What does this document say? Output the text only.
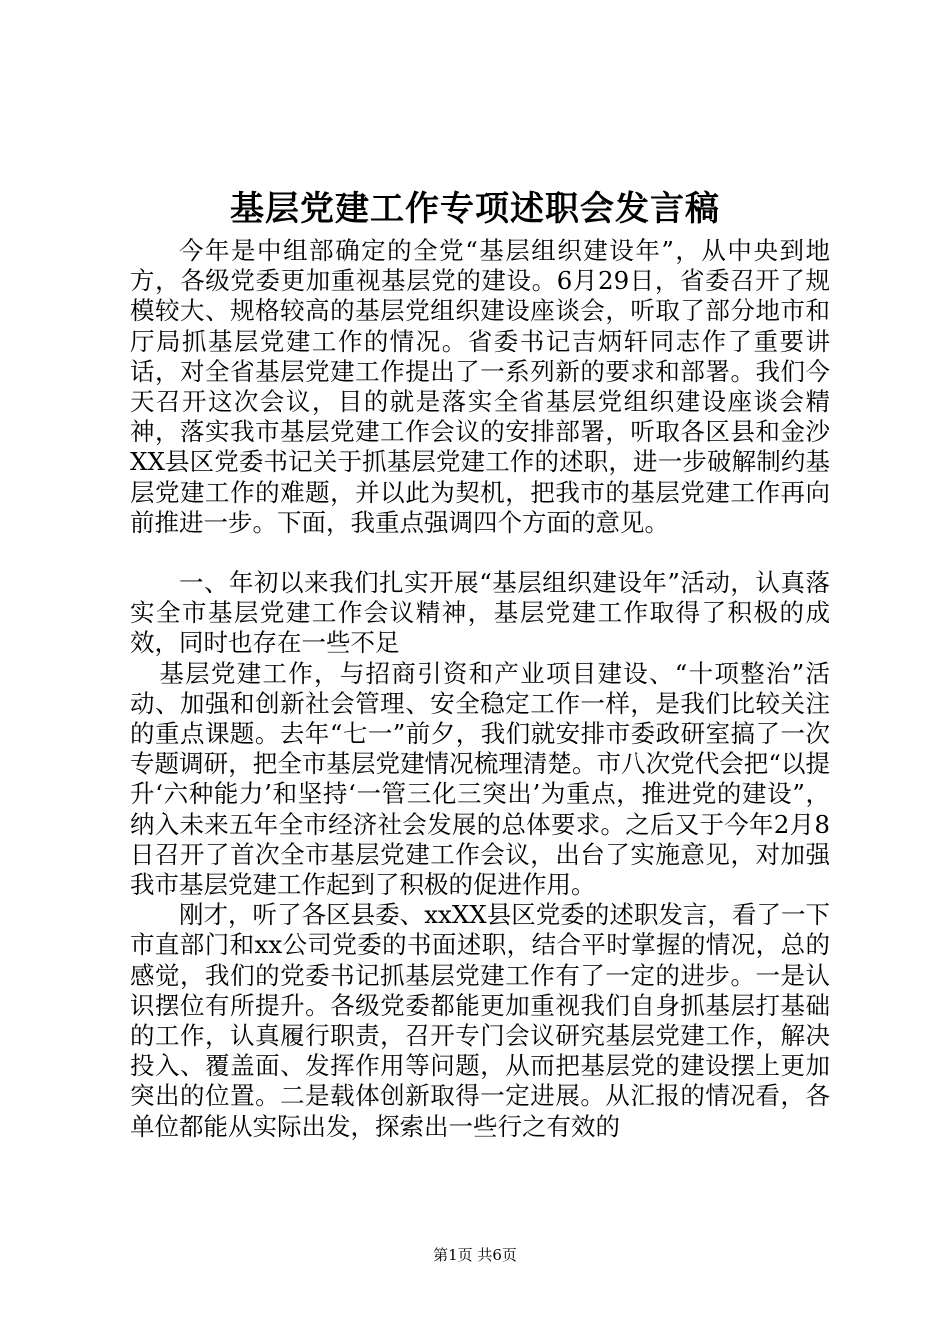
基层党建工作专项述职会发言稿

今年是中组部确定的全党“基层组织建设年”，从中央到地方，各级党委更加重视基层党的建设。6月29日，省委召开了规模较大、规格较高的基层党组织建设座谈会，听取了部分地市和厅局抓基层党建工作的情况。省委书记吉炳轩同志作了重要讲话，对全省基层党建工作提出了一系列新的要求和部署。我们今天召开这次会议，目的就是落实全省基层党组织建设座谈会精神，落实我市基层党建工作会议的安排部署，听取各区县和金沙XX县区党委书记关于抓基层党建工作的述职，进一步破解制约基层党建工作的难题，并以此为契机，把我市的基层党建工作再向前推进一步。下面，我重点强调四个方面的意见。

一、年初以来我们扎实开展“基层组织建设年”活动，认真落实全市基层党建工作会议精神，基层党建工作取得了积极的成效，同时也存在一些不足

基层党建工作，与招商引资和产业项目建设、“十项整治”活动、加强和创新社会管理、安全稳定工作一样，是我们比较关注的重点课题。去年“七一”前夕，我们就安排市委政研室搞了一次专题调研，把全市基层党建情况梳理清楚。市八次党代会把“以提升‘六种能力’和坚持‘一管三化三突出’为重点，推进党的建设”，纳入未来五年全市经济社会发展的总体要求。之后又于今年2月8日召开了首次全市基层党建工作会议，出台了实施意见，对加强我市基层党建工作起到了积极的促进作用。

刚才，听了各区县委、xxXX县区党委的述职发言，看了一下市直部门和xx公司党委的书面述职，结合平时掌握的情况，总的感觉，我们的党委书记抓基层党建工作有了一定的进步。一是认识摆位有所提升。各级党委都能更加重视我们自身抓基层打基础的工作，认真履行职责，召开专门会议研究基层党建工作，解决投入、覆盖面、发挥作用等问题，从而把基层党的建设摆上更加突出的位置。二是载体创新取得一定进展。从汇报的情况看，各单位都能从实际出发，探索出一些行之有效的

第1页 共6页
